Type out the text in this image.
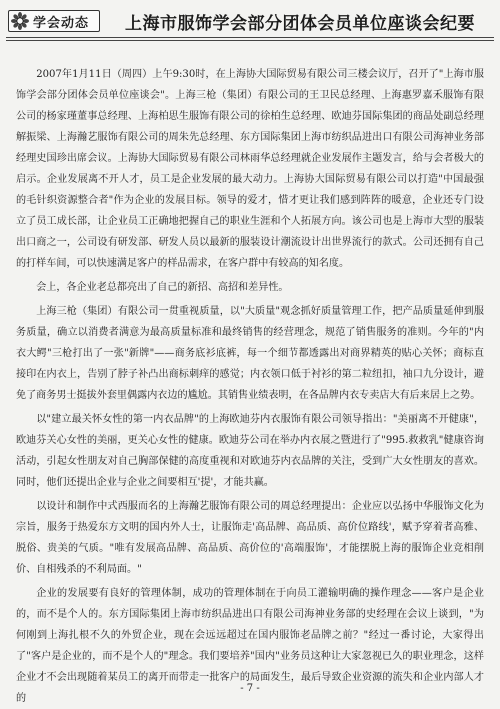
学会动态	上海市服饰学会部分团体会员单位座谈会纪要

2007年1月11日（周四）上午9:30时，在上海协大国际贸易有限公司三楼会议厅，召开了"上海市服饰学会部分团体会员单位座谈会"。上海三枪（集团）有限公司的王卫民总经理、上海惠罗嘉禾服饰有限公司的杨家瑾董事总经理、上海柏思生服饰有限公司的徐柏生总经理、欧迪芬国际集团的商品处副总经理解振梁、上海瀚艺服饰有限公司的周朱先总经理、东方国际集团上海市纺织品进出口有限公司海神业务部经理史国珍出席会议。上海协大国际贸易有限公司林雨华总经理就企业发展作主题发言，给与会者极大的启示。企业发展离不开人才，员工是企业发展的最大动力。上海协大国际贸易有限公司以打造"中国最强的毛针织资源整合者"作为企业的发展目标。领导的爱才，惜才更让我们感到阵阵的暖意，企业还专门设立了员工成长部，让企业员工正确地把握自己的职业生涯和个人拓展方向。该公司也是上海市大型的服装出口商之一，公司设有研发部、研发人员以最新的服装设计潮流设计出世界流行的款式。公司还拥有自己的打样车间，可以快速满足客户的样品需求，在客户群中有较高的知名度。

会上，各企业老总都亮出了自己的新招、高招和差异性。

上海三枪（集团）有限公司一贯重视质量，以"大质量"观念抓好质量管理工作，把产品质量延伸到服务质量，确立以消费者满意为最高质量标准和最终销售的经营理念，规范了销售服务的准则。今年的"内衣大鳄"三枪打出了一张"新牌"——商务底衫底裤，每一个细节都透露出对商界精英的贴心关怀；商标直接印在内衣上，告别了脖子补凸出商标刺痒的感觉；内衣领口低于衬衫的第二粒纽扣，袖口九分设计，避免了商务男士挺拔外套里偶露内衣边的尴尬。其销售业绩表明，在各品牌内衣专卖店大有后来居上之势。

以"建立最关怀女性的第一内衣品牌"的上海欧迪芬内衣服饰有限公司领导指出："美丽离不开健康"，欧迪芬关心女性的美丽，更关心女性的健康。欧迪芬公司在举办内衣展之暨进行了"995.救救乳"健康咨询活动，引起女性朋友对自己胸部保健的高度重视和对欧迪芬内衣品牌的关注，受到广大女性朋友的喜欢。同时，他们还提出企业与企业之间要相互'提'，才能共赢。

以设计和制作中式西服而名的上海瀚艺服饰有限公司的周总经理提出：企业应以弘扬中华服饰文化为宗旨，服务于热爱东方文明的国内外人士，让服饰走'高品牌、高品质、高价位路线'，赋予穿着者高雅、脱俗、贵美的气质。"唯有发展高品牌、高品质、高价位的'高端服饰'，才能摆脱上海的服饰企业竞相削价、自相残杀的不利局面。"

企业的发展要有良好的管理体制，成功的管理体制在于向员工灌输明确的操作理念——客户是企业的，而不是个人的。东方国际集团上海市纺织品进出口有限公司海神业务部的史经理在会议上谈到，"为何刚到上海扎根不久的外贸企业，现在会远远超过在国内服饰老品牌之前？"经过一番讨论，大家得出了"客户是企业的，而不是个人的"理念。我们要培养"国内"业务员这种让大家忽视已久的职业理念，这样企业才不会出现随着某员工的离开而带走一批客户的局面发生，最后导致企业资源的流失和企业内部人才的

- 7 -
